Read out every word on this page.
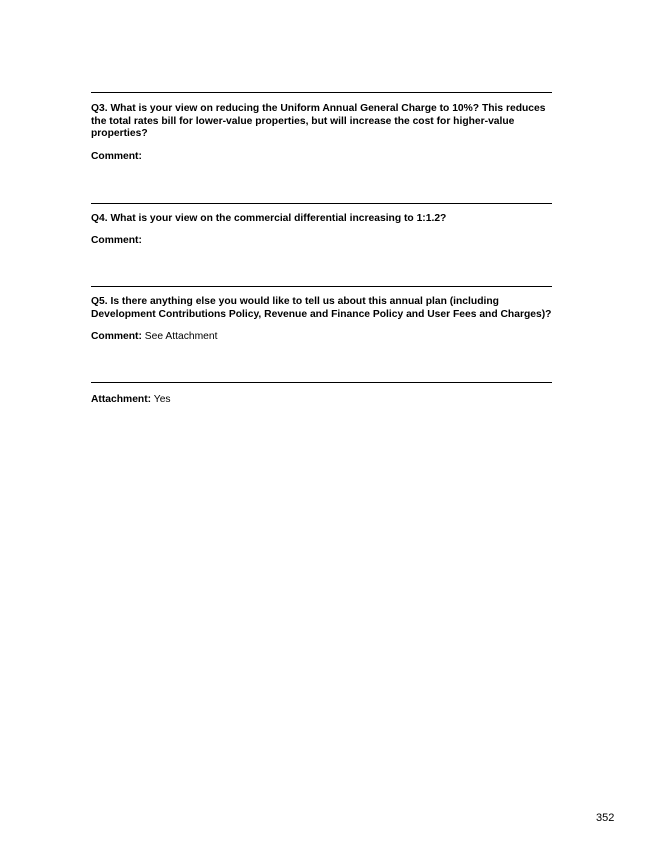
Q3. What is your view on reducing the Uniform Annual General Charge to 10%? This reduces the total rates bill for lower-value properties, but will increase the cost for higher-value properties?

Comment:

Q4. What is your view on the commercial differential increasing to 1:1.2?

Comment:

Q5. Is there anything else you would like to tell us about this annual plan (including Development Contributions Policy, Revenue and Finance Policy and User Fees and Charges)?

Comment: See Attachment

Attachment: Yes

352
